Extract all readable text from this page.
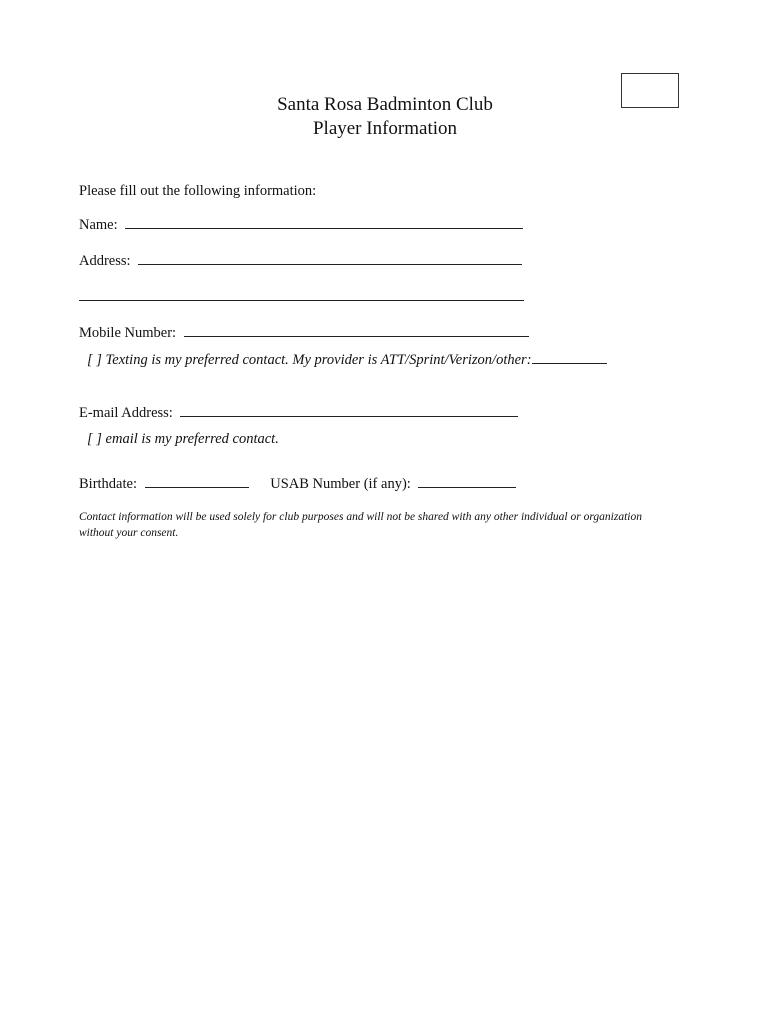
Santa Rosa Badminton Club
Player Information
Please fill out the following information:
Name:
Address:
Mobile Number:
[ ] Texting is my preferred contact. My provider is ATT/Sprint/Verizon/other:
E-mail Address:
[ ] email is my preferred contact.
Birthdate:	USAB Number (if any):
Contact information will be used solely for club purposes and will not be shared with any other individual or organization without your consent.
